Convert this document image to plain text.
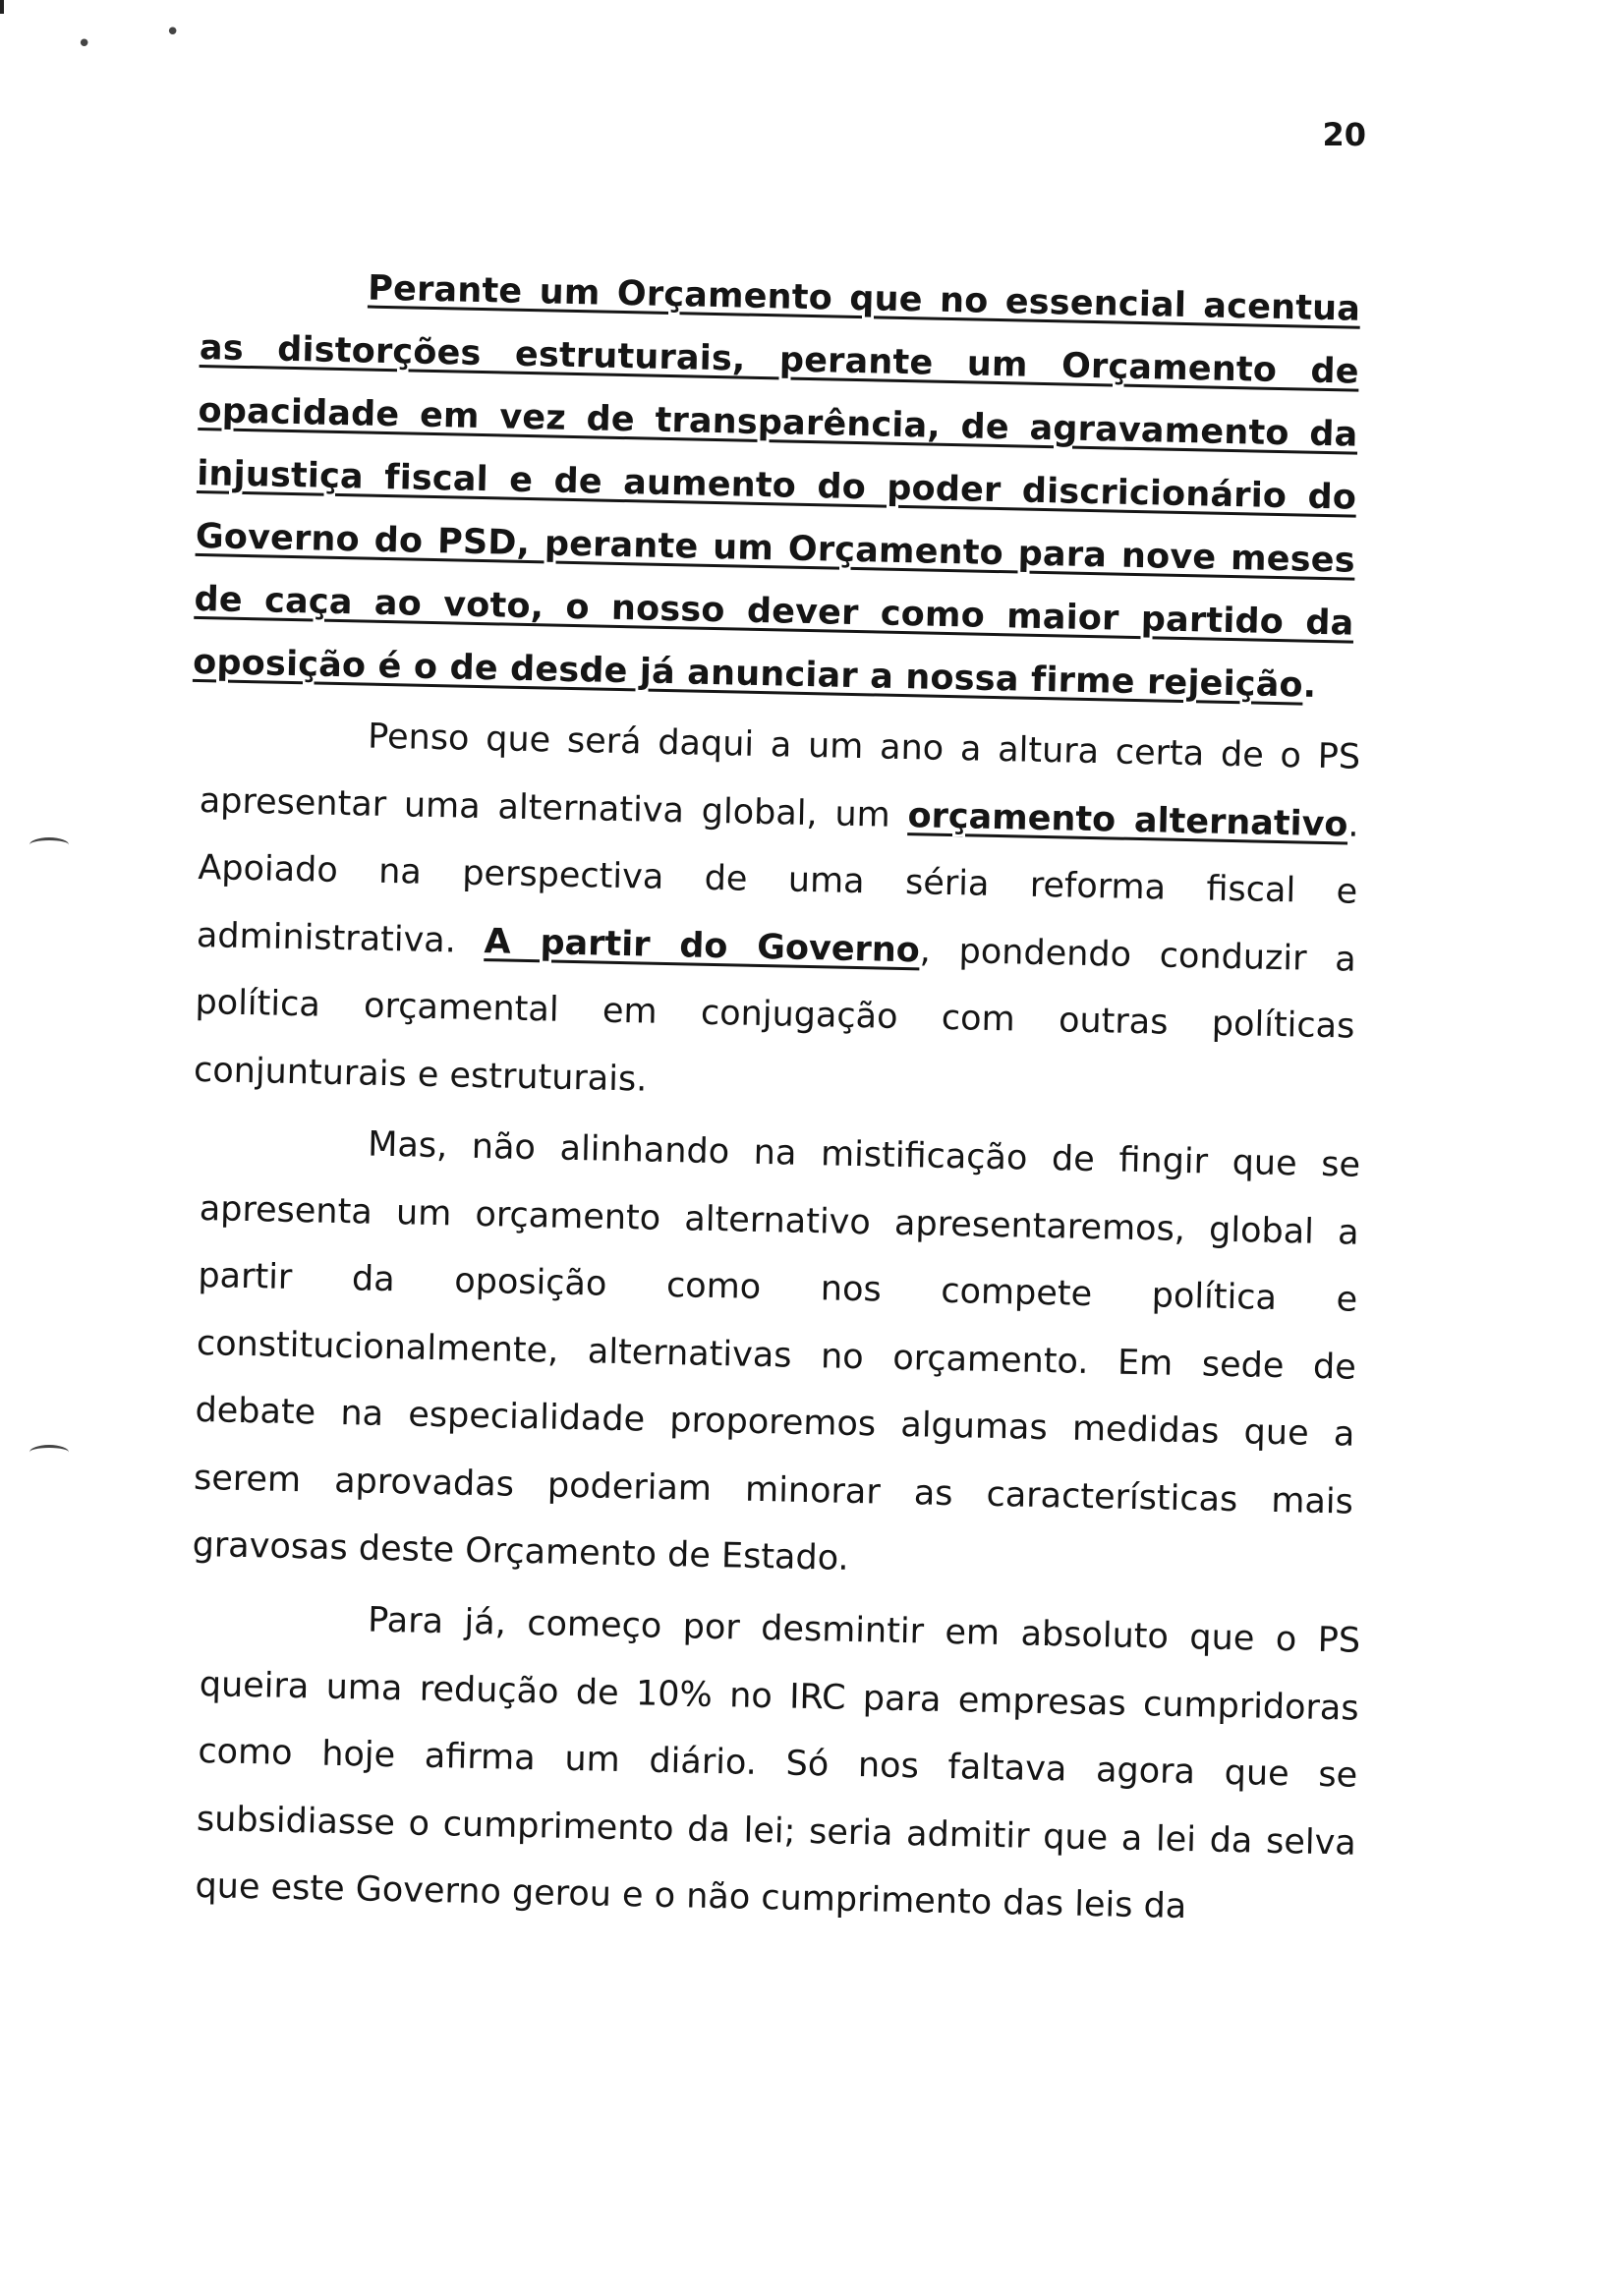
•	•
20

Perante um Orçamento que no essencial acentua as distorções estruturais, perante um Orçamento de opacidade em vez de transparência, de agravamento da injustiça fiscal e de aumento do poder discricionário do Governo do PSD, perante um Orçamento para nove meses de caça ao voto, o nosso dever como maior partido da oposição é o de desde já anunciar a nossa firme rejeição.

Penso que será daqui a um ano a altura certa de o PS apresentar uma alternativa global, um orçamento alternativo. Apoiado na perspectiva de uma séria reforma fiscal e administrativa. A partir do Governo, pondendo conduzir a política orçamental em conjugação com outras políticas conjunturais e estruturais.

Mas, não alinhando na mistificação de fingir que se apresenta um orçamento alternativo apresentaremos, global a partir da oposição como nos compete política e constitucionalmente, alternativas no orçamento. Em sede de debate na especialidade proporemos algumas medidas que a serem aprovadas poderiam minorar as características mais gravosas deste Orçamento de Estado.

Para já, começo por desmintir em absoluto que o PS queira uma redução de 10% no IRC para empresas cumpridoras como hoje afirma um diário. Só nos faltava agora que se subsidiasse o cumprimento da lei; seria admitir que a lei da selva que este Governo gerou e o não cumprimento das leis da
